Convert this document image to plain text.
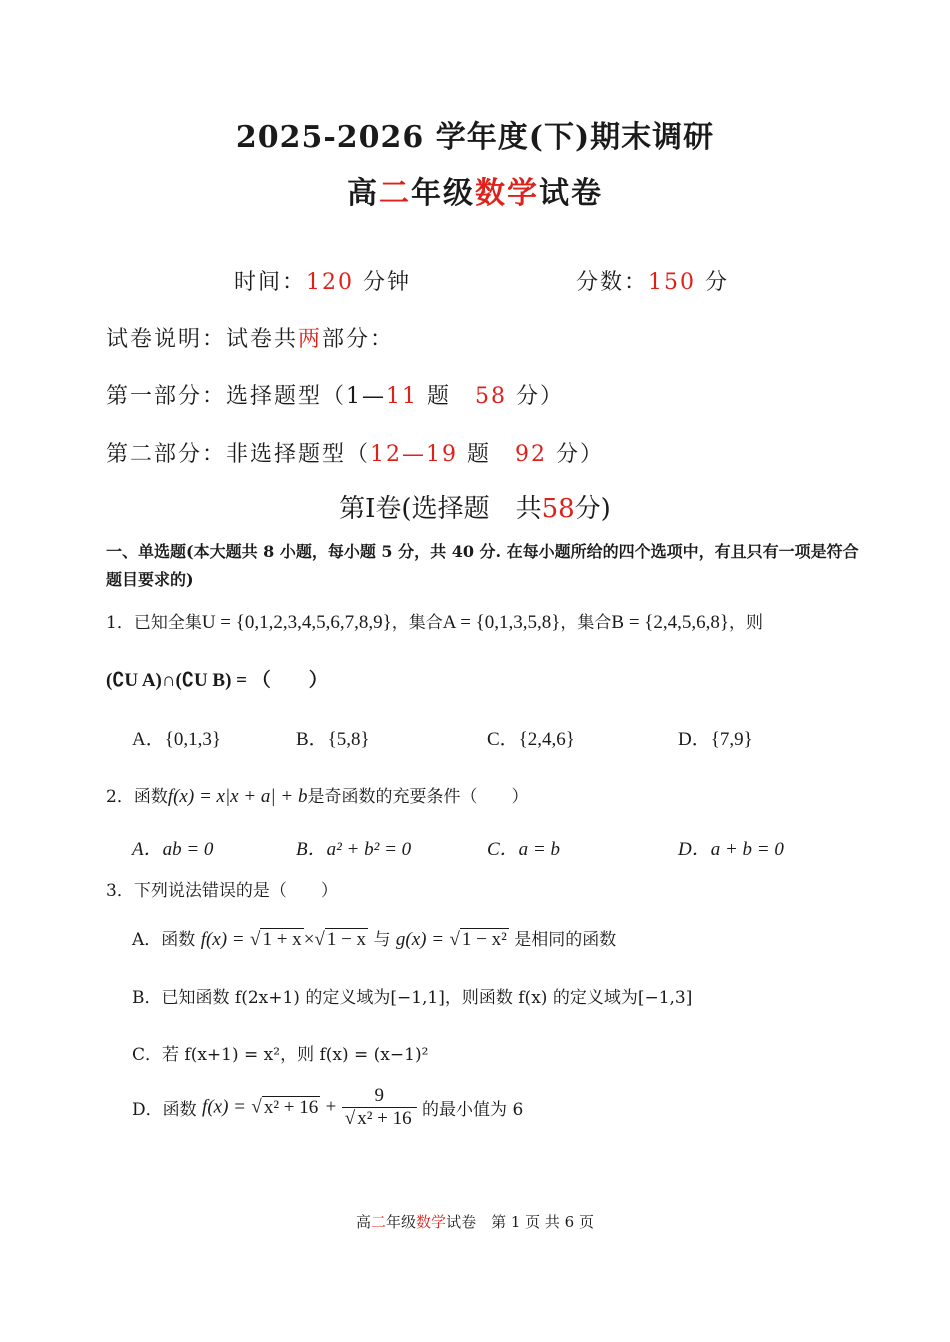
2025-2026 学年度(下)期末调研
高二年级数学试卷
时间：120 分钟	分数：150 分
试卷说明：试卷共两部分：
第一部分：选择题型（1—11 题　58 分）
第二部分：非选择题型（12—19 题　92 分）
第Ⅰ卷(选择题　共58分)
一、单选题(本大题共 8 小题，每小题 5 分，共 40 分. 在每小题所给的四个选项中，有且只有一项是符合题目要求的)
1．已知全集U = {0,1,2,3,4,5,6,7,8,9}，集合A = {0,1,3,5,8}，集合B = {2,4,5,6,8}，则
(∁U A)∩(∁U B) = （　　）
A．{0,1,3}	B．{5,8}	C．{2,4,6}	D．{7,9}
2．函数f(x) = x|x + a| + b是奇函数的充要条件（　　）
A．ab = 0	B．a² + b² = 0	C．a = b	D．a + b = 0
3．下列说法错误的是（　　）
A．函数 f(x) = √ 1 + x ×√ 1 − x 与 g(x) = √ 1 − x² 是相同的函数
B．已知函数 f(2x+1) 的定义域为[−1,1]，则函数 f(x) 的定义域为[−1,3]
C．若 f(x+1) = x²，则 f(x) = (x−1)²
D．函数 f(x) = √ $x^2 + 16 + \frac{9}{\text{√ x² + 16}}$ 的最小值为 6
高二年级数学试卷　第 1 页 共 6 页
